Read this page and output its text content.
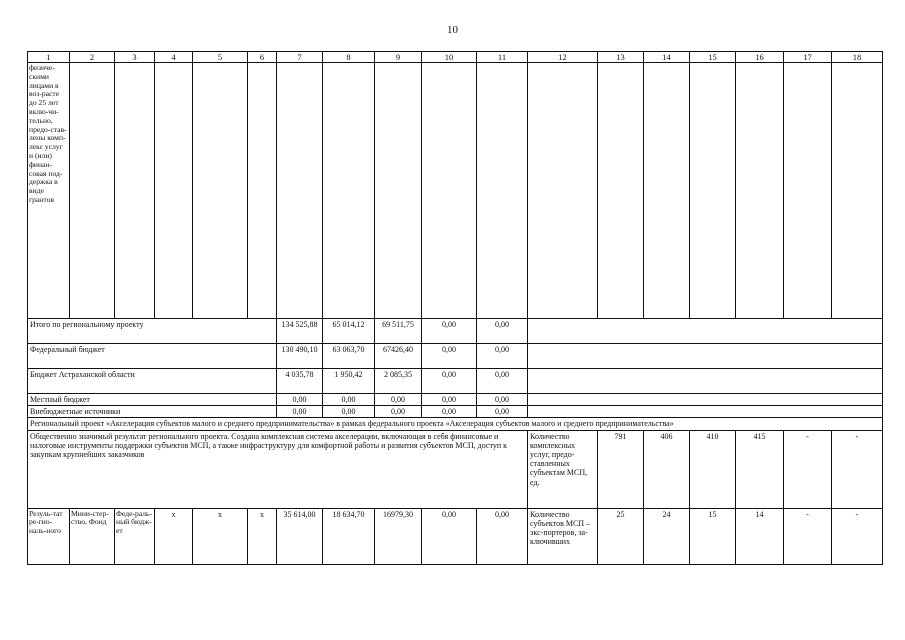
10
1	2	3	4	5	6	7	8	9	10	11	12	13	14	15	16	17	18
физиче-скими лицами в воз-расте до 25 лет вклю-чи-тельно, предо-став-лены комп-лекс услуг и (или) финан-совая под-держка в виде грантов																	
Итого по региональному проекту						134 525,88	65 014,12	69 511,75	0,00	0,00							
Федеральный бюджет						130 490,10	63 063,70	67426,40	0,00	0,00							
Бюджет Астраханской области						4 035,78	1 950,42	2 085,35	0,00	0,00							
Местный бюджет						0,00	0,00	0,00	0,00	0,00							
Внебюджетные источники						0,00	0,00	0,00	0,00	0,00							
Региональный проект «Акселерация субъектов малого и среднего предпринимательства» в рамках федерального проекта «Акселерация субъектов малого и среднего предпринимательства»																	
Общественно значимый результат регионального проекта. Создана комплексная система акселерации, включающая в себя финансовые и налоговые инструменты поддержки субъектов МСП, а также инфраструктуру для комфортной работы и развития субъектов МСП, доступ к закупкам крупнейших заказчиков											Количество комплексных услуг, предо-ставленных субъектам МСП, ед.	791	406	410	415	-	-
Резуль-тат ре-гио-наль-ного	Мини-стер-ство, Фонд	Феде-раль-ный бюдж-ет	х	х	х	35 614,00	18 634,70	16979,30	0,00	0,00	Количество субъектов МСП – экс-портеров, за-ключивших	25	24	15	14	-	-
